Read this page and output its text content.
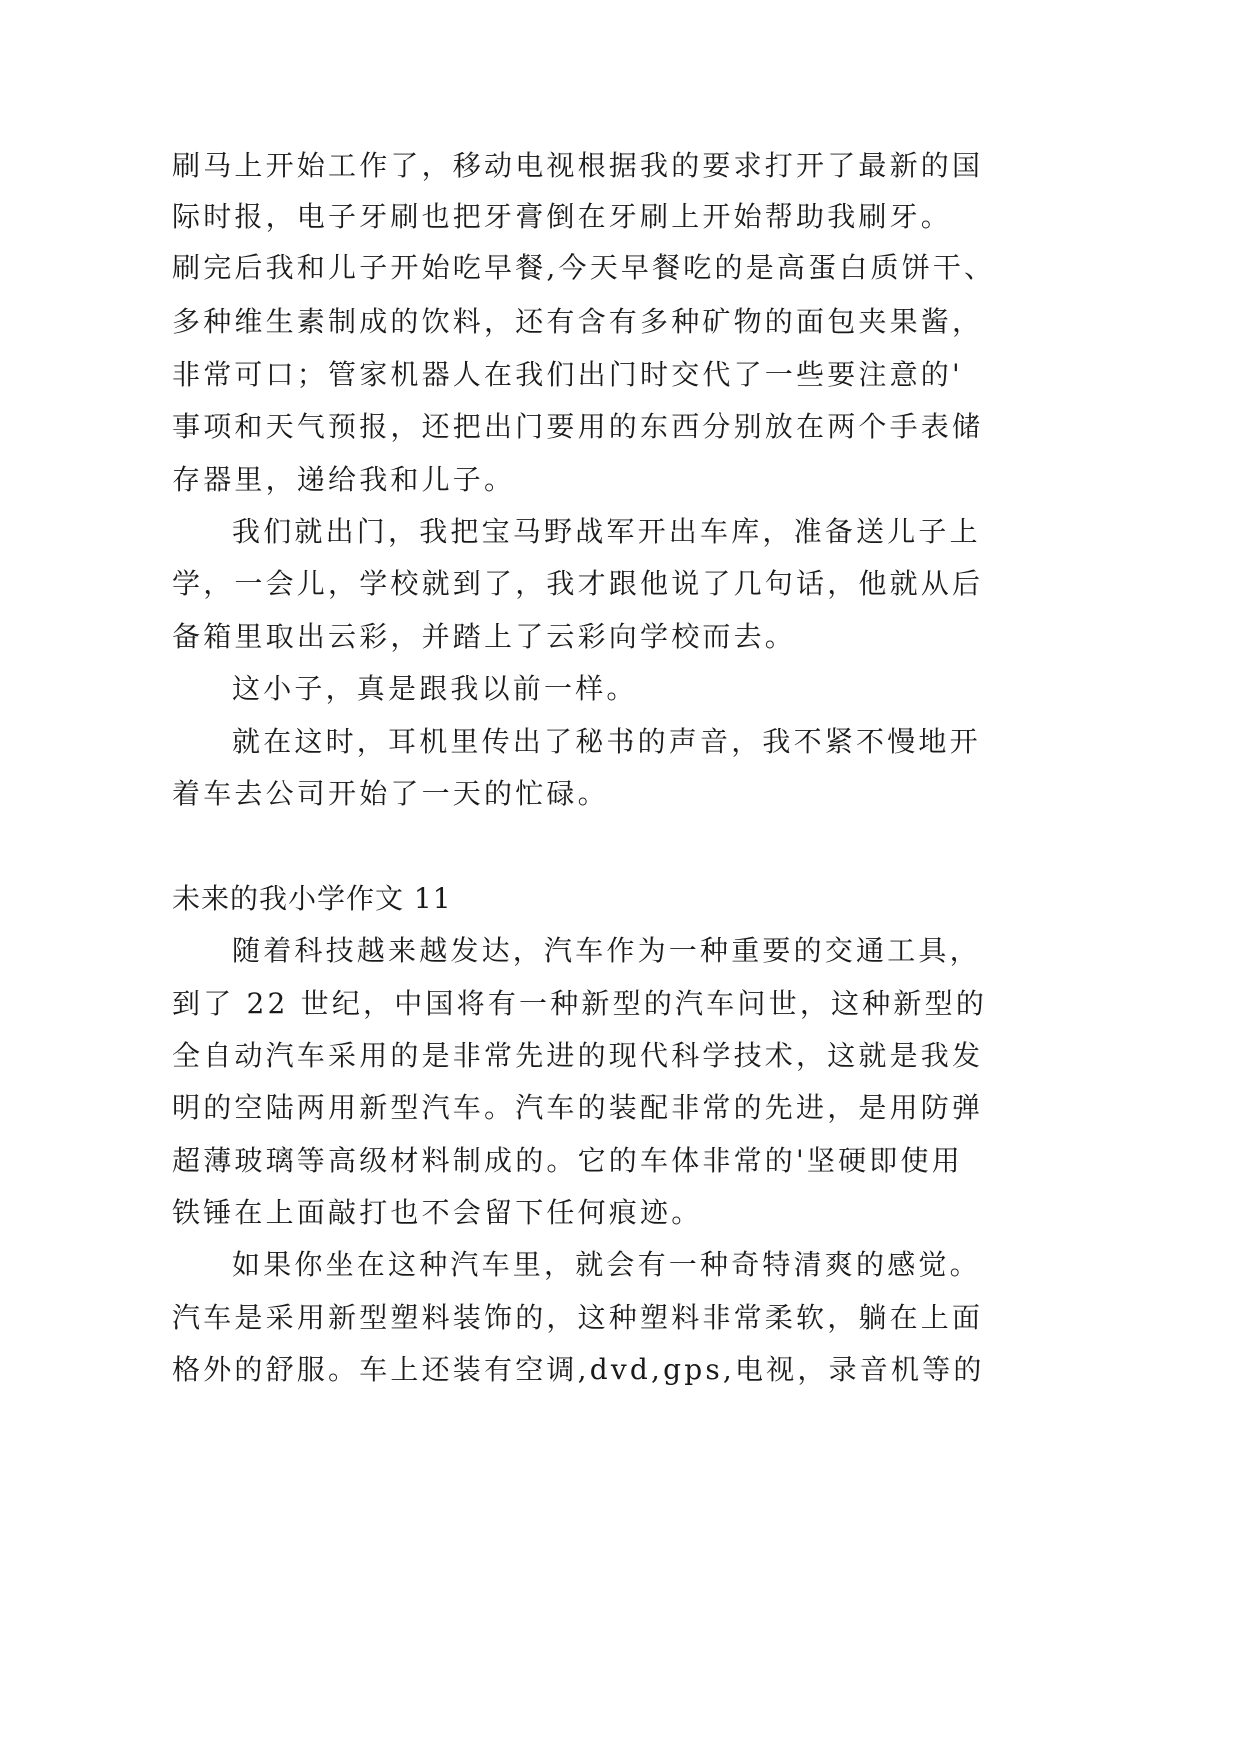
刷马上开始工作了，移动电视根据我的要求打开了最新的国
际时报，电子牙刷也把牙膏倒在牙刷上开始帮助我刷牙。
刷完后我和儿子开始吃早餐,今天早餐吃的是高蛋白质饼干、
多种维生素制成的饮料，还有含有多种矿物的面包夹果酱，
非常可口；管家机器人在我们出门时交代了一些要注意的'
事项和天气预报，还把出门要用的东西分别放在两个手表储
存器里，递给我和儿子。
我们就出门，我把宝马野战军开出车库，准备送儿子上
学，一会儿，学校就到了，我才跟他说了几句话，他就从后
备箱里取出云彩，并踏上了云彩向学校而去。
这小子，真是跟我以前一样。
就在这时，耳机里传出了秘书的声音，我不紧不慢地开
着车去公司开始了一天的忙碌。
未来的我小学作文 11
随着科技越来越发达，汽车作为一种重要的交通工具，
到了 22 世纪，中国将有一种新型的汽车问世，这种新型的
全自动汽车采用的是非常先进的现代科学技术，这就是我发
明的空陆两用新型汽车。汽车的装配非常的先进，是用防弹
超薄玻璃等高级材料制成的。它的车体非常的'坚硬即使用
铁锤在上面敲打也不会留下任何痕迹。
如果你坐在这种汽车里，就会有一种奇特清爽的感觉。
汽车是采用新型塑料装饰的，这种塑料非常柔软，躺在上面
格外的舒服。车上还装有空调,dvd,gps,电视，录音机等的
